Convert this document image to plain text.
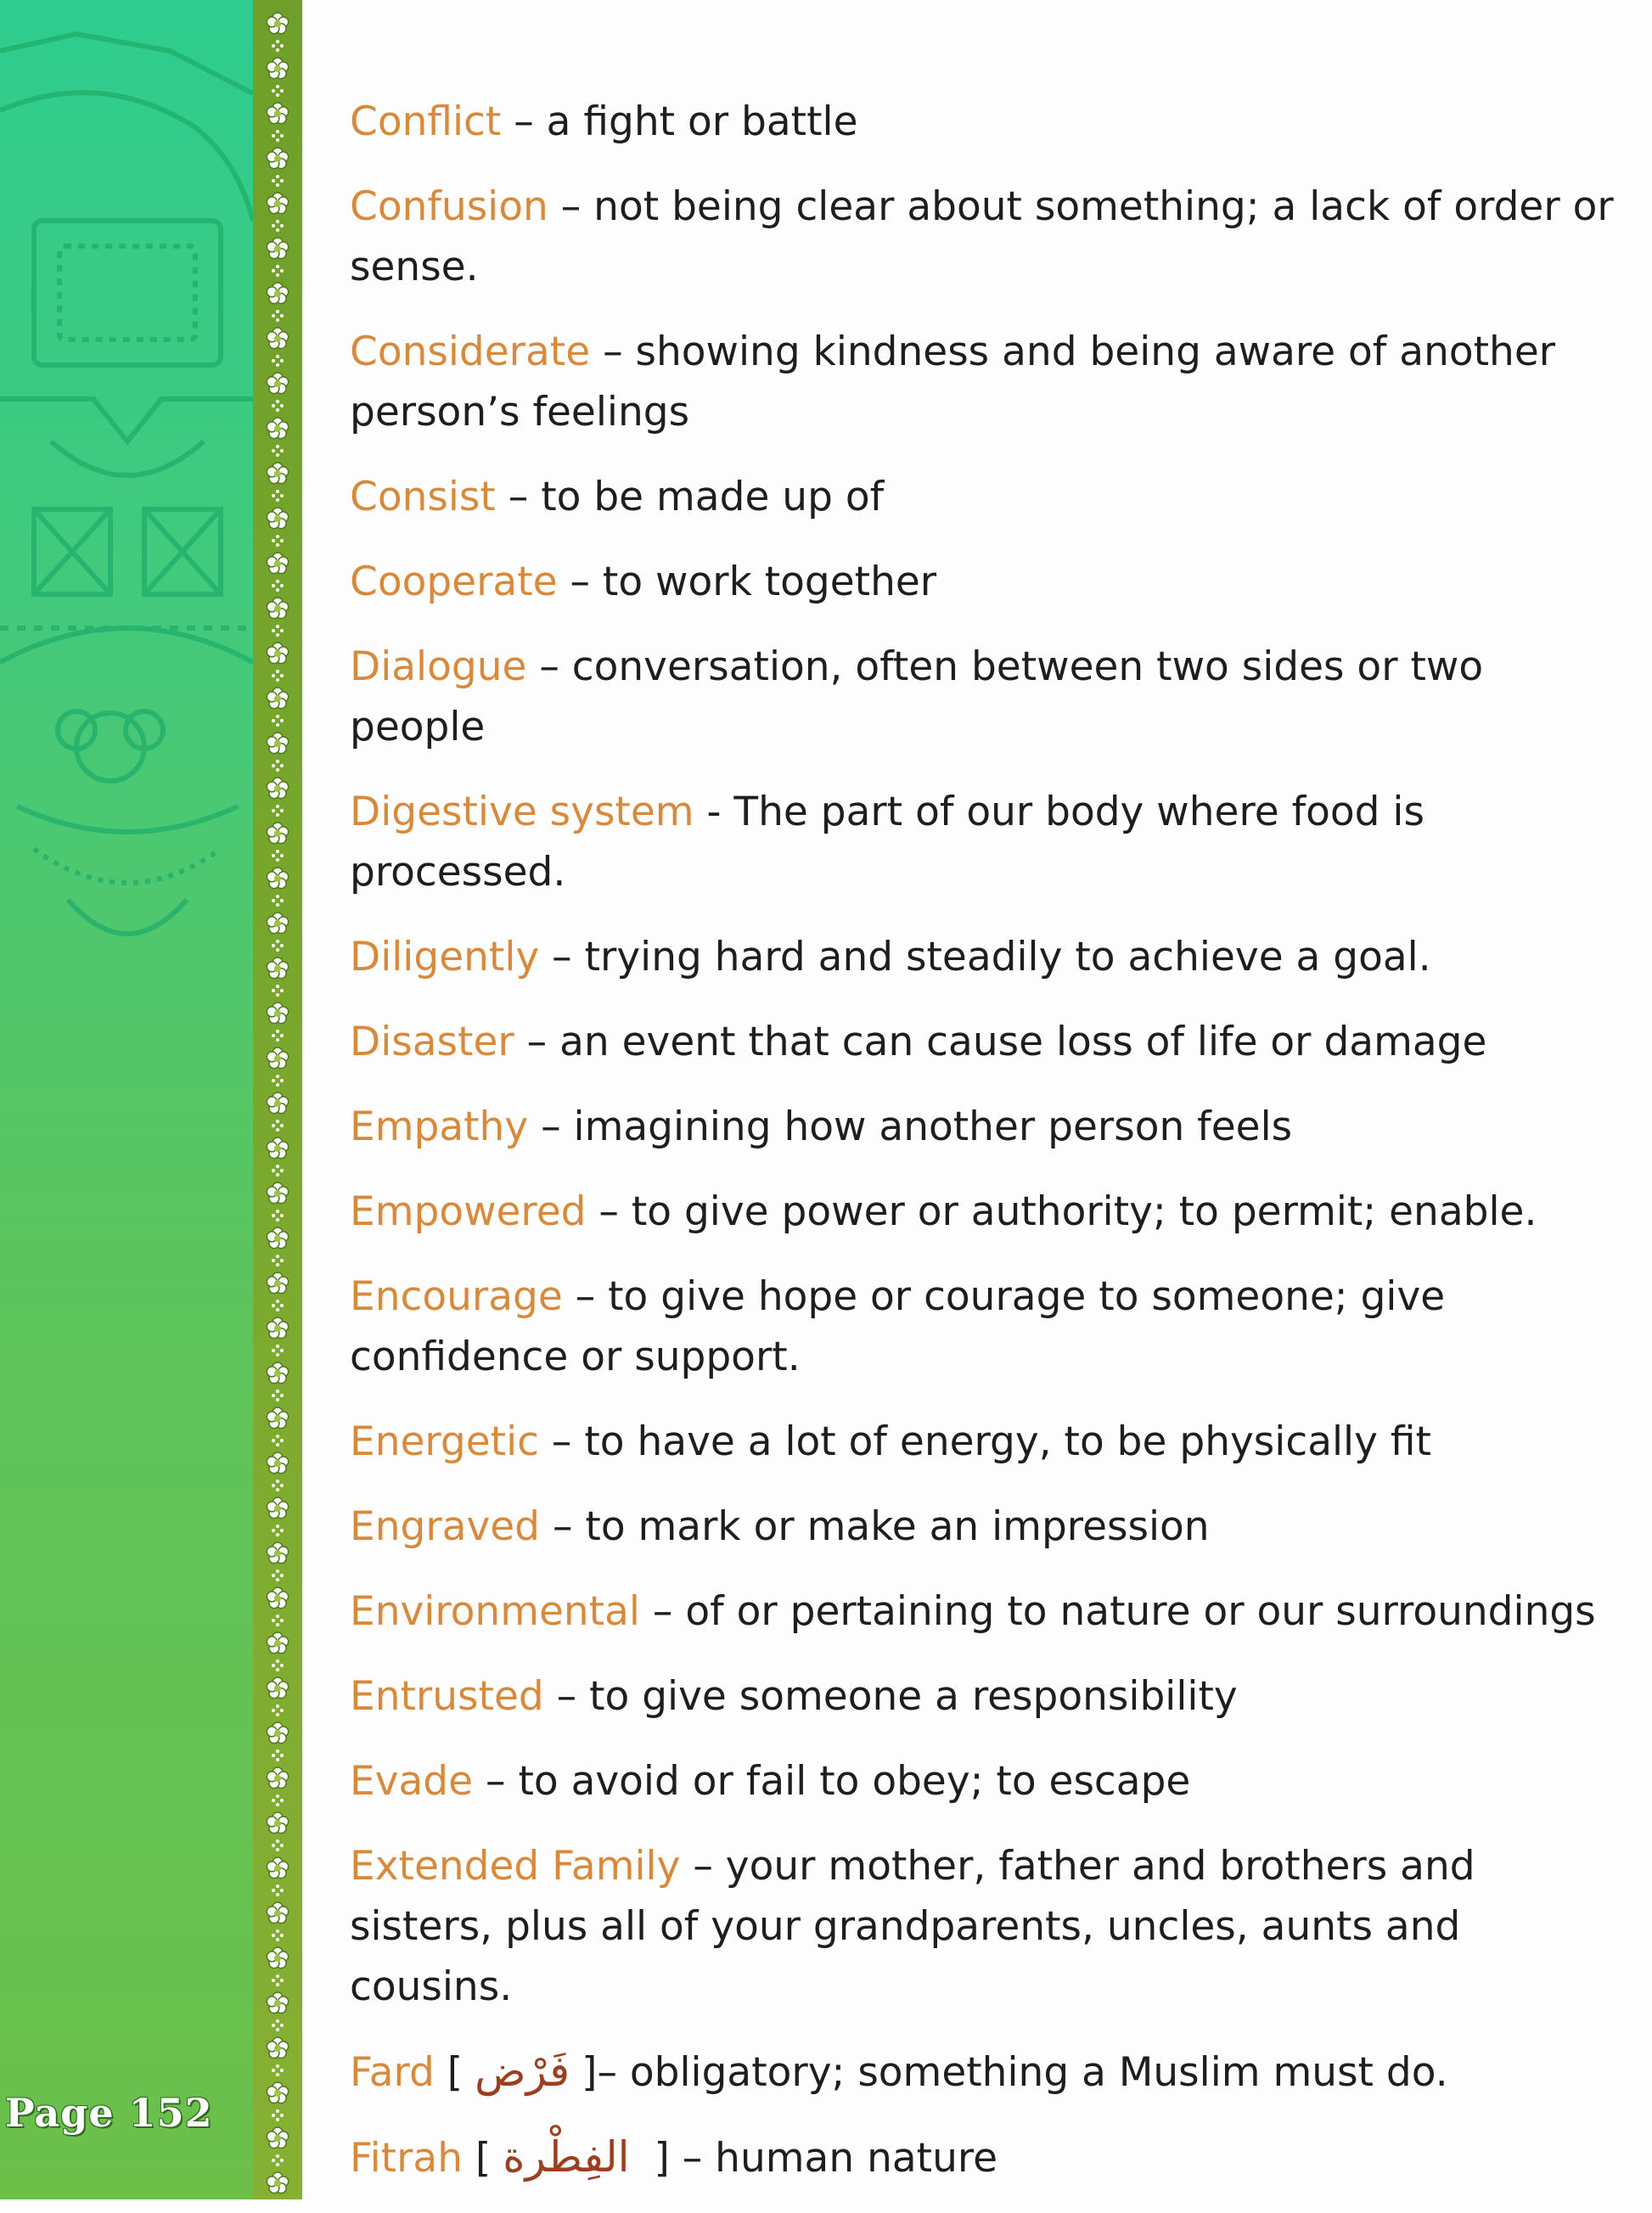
Page 152

Conflict – a fight or battle

Confusion – not being clear about something; a lack of order or sense.

Considerate – showing kindness and being aware of another person’s feelings

Consist – to be made up of

Cooperate – to work together

Dialogue – conversation, often between two sides or two people

Digestive system - The part of our body where food is processed.

Diligently – trying hard and steadily to achieve a goal.

Disaster – an event that can cause loss of life or damage

Empathy – imagining how another person feels

Empowered – to give power or authority; to permit; enable.

Encourage – to give hope or courage to someone; give confidence or support.

Energetic – to have a lot of energy, to be physically fit

Engraved – to mark or make an impression

Environmental – of or pertaining to nature or our surroundings

Entrusted – to give someone a responsibility

Evade – to avoid or fail to obey; to escape

Extended Family – your mother, father and brothers and sisters, plus all of your grandparents, uncles, aunts and cousins.

Fard [ فَرْض ]– obligatory; something a Muslim must do.

Fitrah [ الفِطْرة ] – human nature
